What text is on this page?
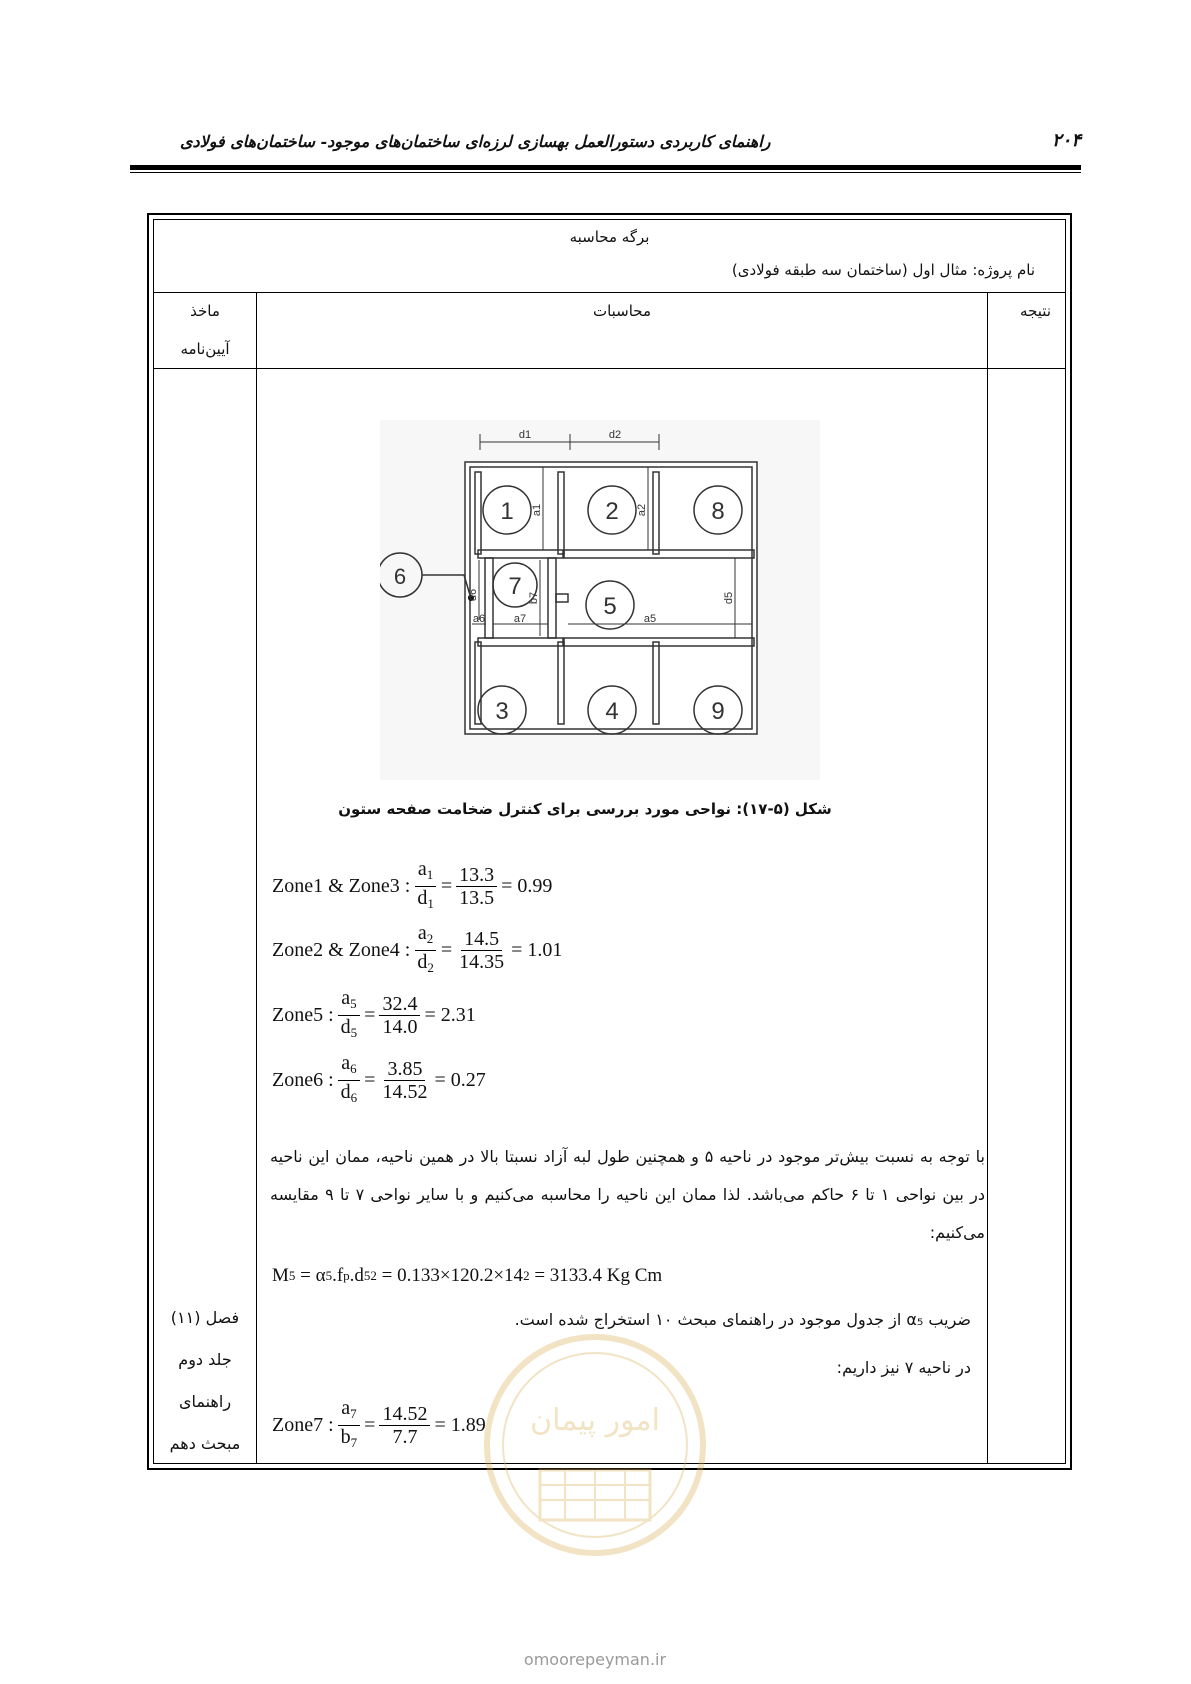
۲۰۴
راهنمای کاربردی دستورالعمل بهسازی لرزه‌ای ساختمان‌های موجود- ساختمان‌های فولادی
برگه محاسبه
نام پروژه: مثال اول (ساختمان سه طبقه فولادی)
نتیجه
محاسبات
ماخذ
آیین‌نامه
فصل (۱۱)
جلد دوم
راهنمای
مبحث دهم
1	2	8
6	7
5
3	4	9
d1	d2
a1	a2
d5
a5
a6	a7
b7
d6
شکل (۵-۱۷): نواحی مورد بررسی برای کنترل ضخامت صفحه ستون
Zone1 & Zone3 : $\frac{a_1}{d_1} = \frac{13.3}{13.5} = 0.99$
Zone2 & Zone4 : $\frac{a_2}{d_2} = \frac{14.5}{14.35} = 1.01$
Zone5 : $\frac{a_5}{d_5} = \frac{32.4}{14.0} = 2.31$
Zone6 : $\frac{a_6}{d_6} = \frac{3.85}{14.52} = 0.27$
با توجه به نسبت بیش‌تر موجود در ناحیه ۵ و همچنین طول لبه آزاد نسبتا بالا در همین ناحیه، ممان این ناحیه در بین نواحی ۱ تا ۶ حاکم می‌باشد. لذا ممان این ناحیه را محاسبه می‌کنیم و با سایر نواحی ۷ تا ۹ مقایسه می‌کنیم:
M 5
= α 5 .f p .d 5 2
= 0.133×120.2×14 2
= 3133.4 Kg Cm
ضریب α₅ از جدول موجود در راهنمای مبحث ۱۰ استخراج شده است.
در ناحیه ۷ نیز داریم:
Zone7 : $\frac{a_7}{b_7} = \frac{14.52}{7.7} = 1.89$ امور پیمان
omoorepeyman.ir
